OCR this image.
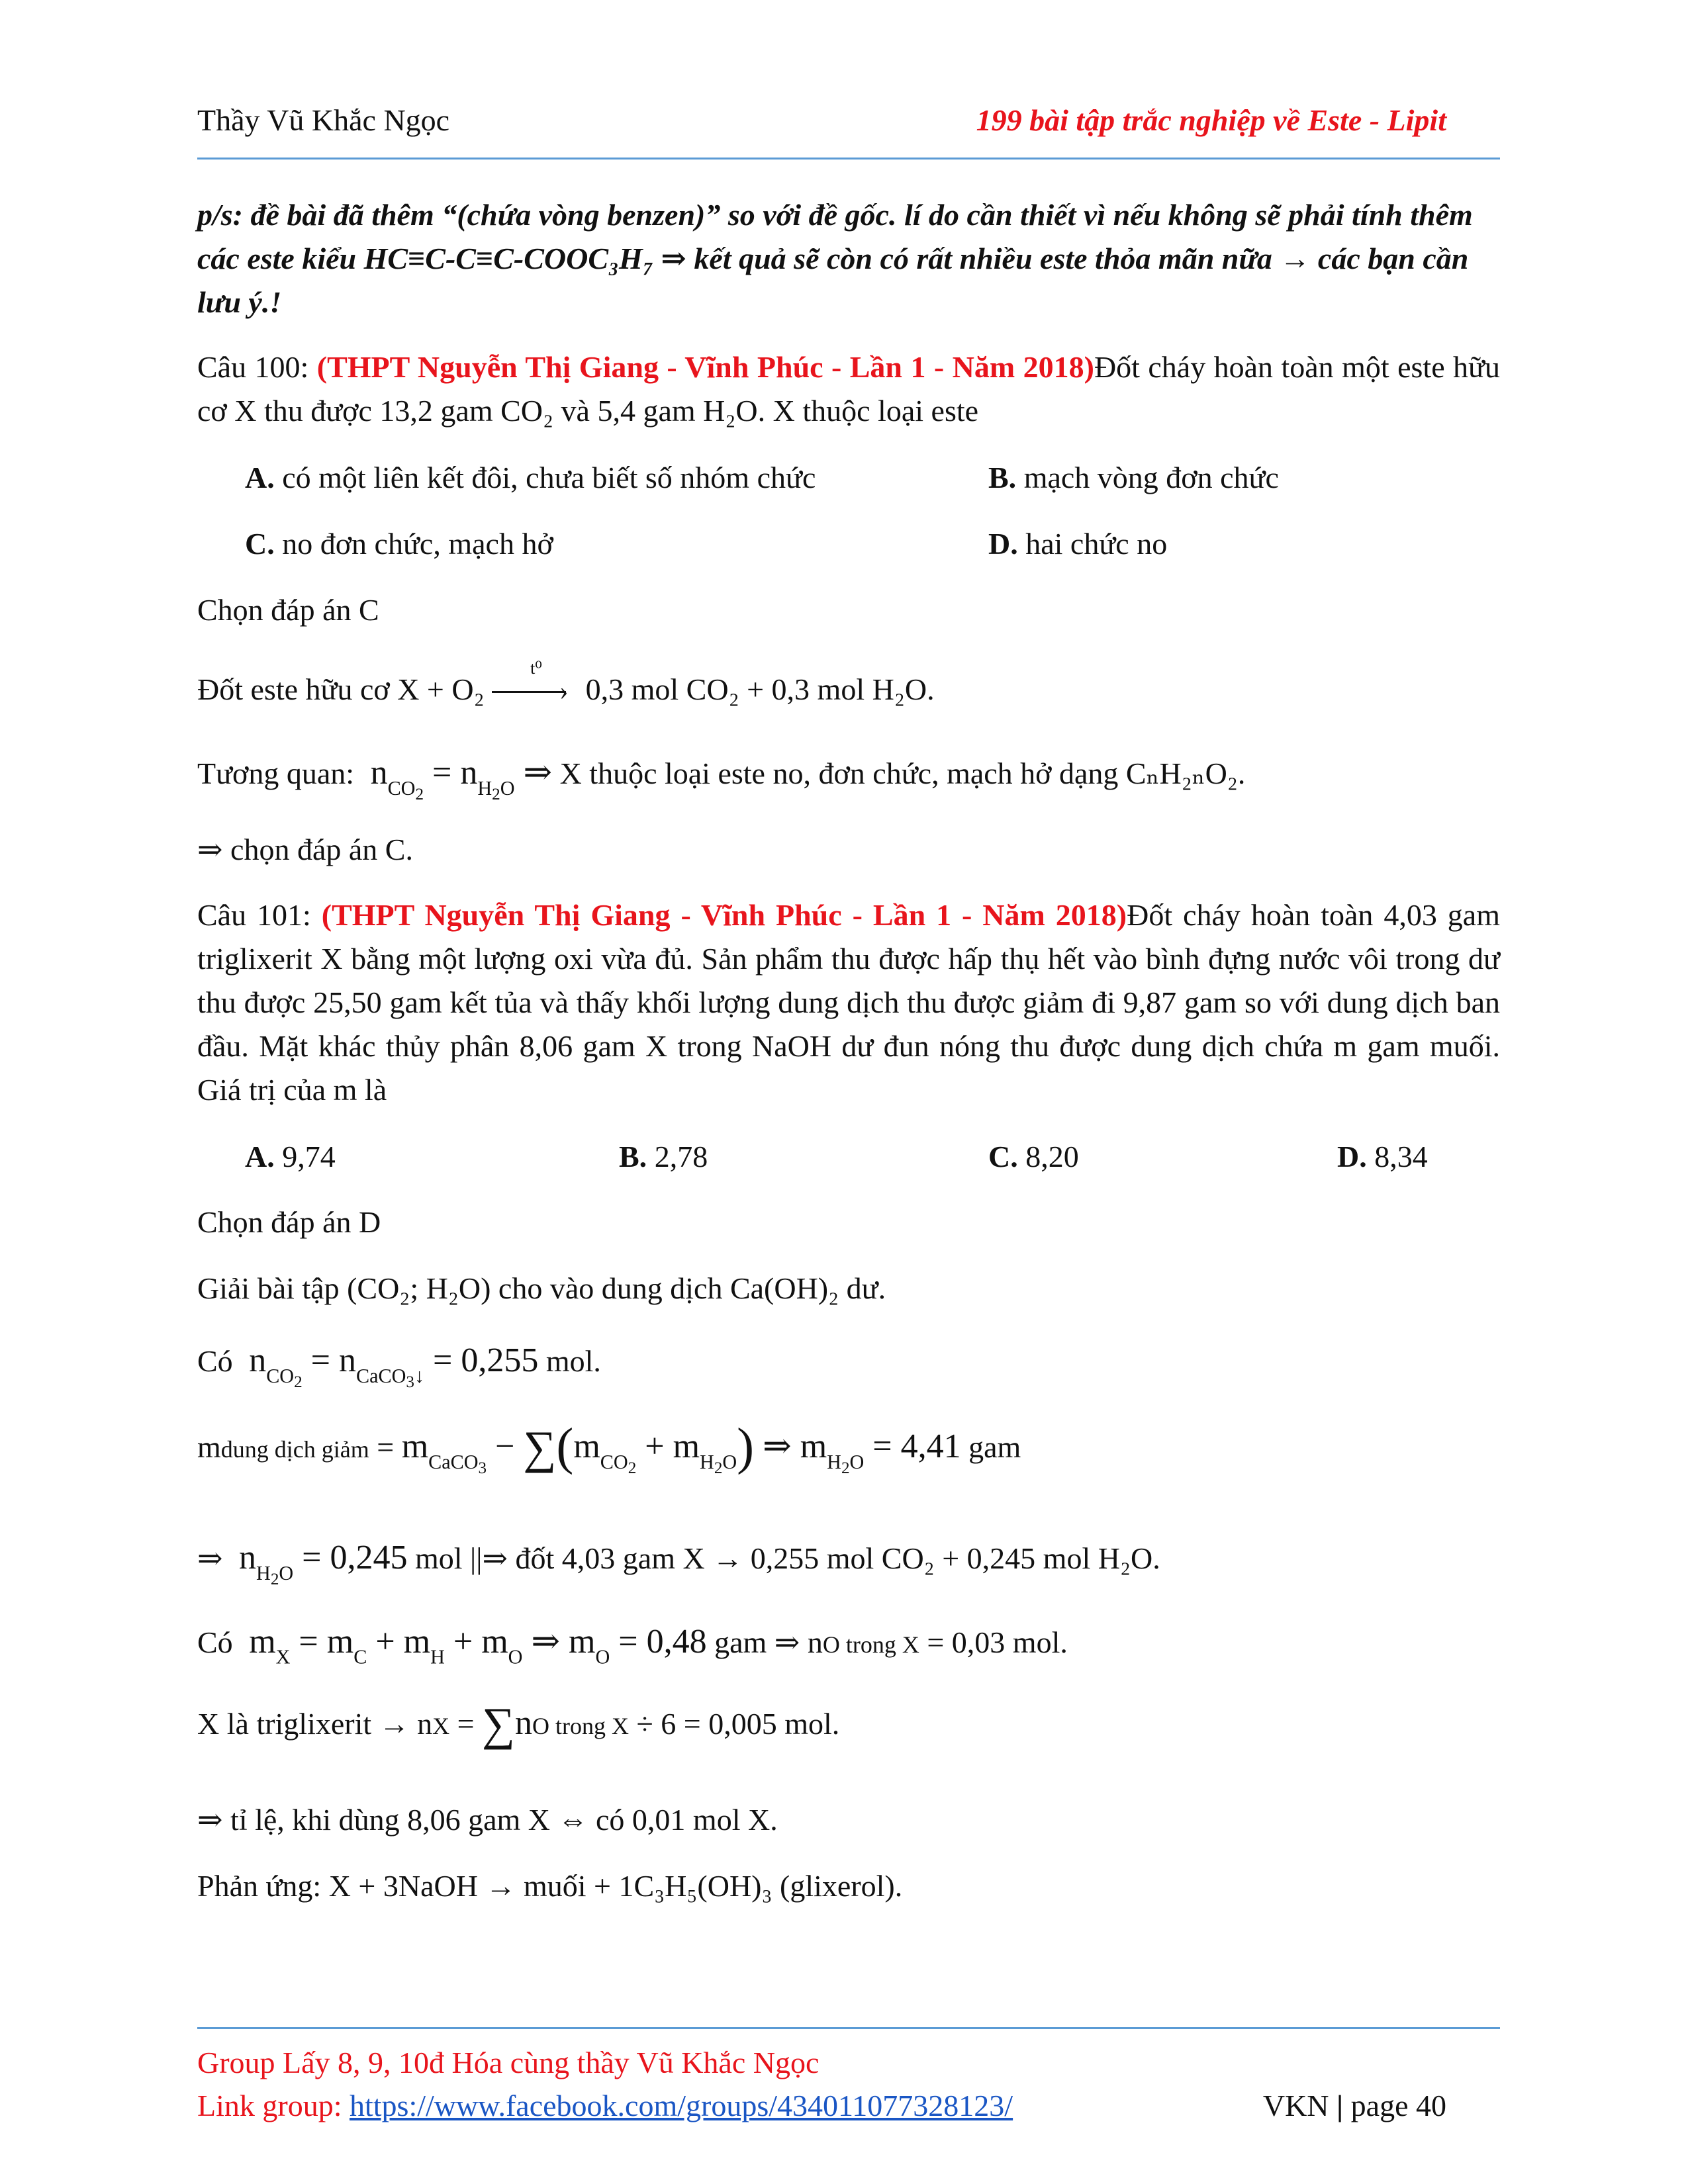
Thầy Vũ Khắc Ngọc	199 bài tập trắc nghiệp về Este - Lipit
p/s: đề bài đã thêm “(chứa vòng benzen)” so với đề gốc. lí do cần thiết vì nếu không sẽ phải tính thêm các este kiểu HC≡C-C≡C-COOC₃H₇ ⇒ kết quả sẽ còn có rất nhiều este thỏa mãn nữa → các bạn cần lưu ý.!
Câu 100: (THPT Nguyễn Thị Giang - Vĩnh Phúc - Lần 1 - Năm 2018)Đốt cháy hoàn toàn một este hữu cơ X thu được 13,2 gam CO₂ và 5,4 gam H₂O. X thuộc loại este
A. có một liên kết đôi, chưa biết số nhóm chức	B. mạch vòng đơn chức
C. no đơn chức, mạch hở	D. hai chức no
Chọn đáp án C
Đốt este hữu cơ X + O₂
t⁰
› 0,3 mol CO₂ + 0,3 mol H₂O.
Tương quan:  $n_{CO_2} = n_{H_2O}$ ⇒ X thuộc loại este no, đơn chức, mạch hở dạng CₙH₂ₙO₂.
⇒ chọn đáp án C.
Câu 101: (THPT Nguyễn Thị Giang - Vĩnh Phúc - Lần 1 - Năm 2018)Đốt cháy hoàn toàn 4,03 gam triglixerit X bằng một lượng oxi vừa đủ. Sản phẩm thu được hấp thụ hết vào bình đựng nước vôi trong dư thu được 25,50 gam kết tủa và thấy khối lượng dung dịch thu được giảm đi 9,87 gam so với dung dịch ban đầu. Mặt khác thủy phân 8,06 gam X trong NaOH dư đun nóng thu được dung dịch chứa m gam muối. Giá trị của m là
A. 9,74	B. 2,78	C. 8,20	D. 8,34
Chọn đáp án D
Giải bài tập (CO₂; H₂O) cho vào dung dịch Ca(OH)₂ dư.
Có  $n_{CO_2} = n_{CaCO_3↓} = 0,255$ mol.
mdung dịch giảm = $m_{CaCO_3} - \sum(m_{CO_2} + m_{H_2O})$ ⇒ $m_{H_2O} = 4,41$ gam
⇒  $n_{H_2O} = 0,245$ mol ||⇒ đốt 4,03 gam X → 0,255 mol CO₂ + 0,245 mol H₂O.
Có  $m_X = m_C + m_H + m_O$ ⇒ $m_O = 0,48$ gam ⇒ nO trong X = 0,03 mol.
X là triglixerit → nX = ∑nO trong X ÷ 6 = 0,005 mol.
⇒ tỉ lệ, khi dùng 8,06 gam X ⇔ có 0,01 mol X.
Phản ứng: X + 3NaOH → muối + 1C₃H₅(OH)₃ (glixerol).
Group Lấy 8, 9, 10đ Hóa cùng thầy Vũ Khắc Ngọc
Link group: https://www.facebook.com/groups/434011077328123/	VKN | page 40
